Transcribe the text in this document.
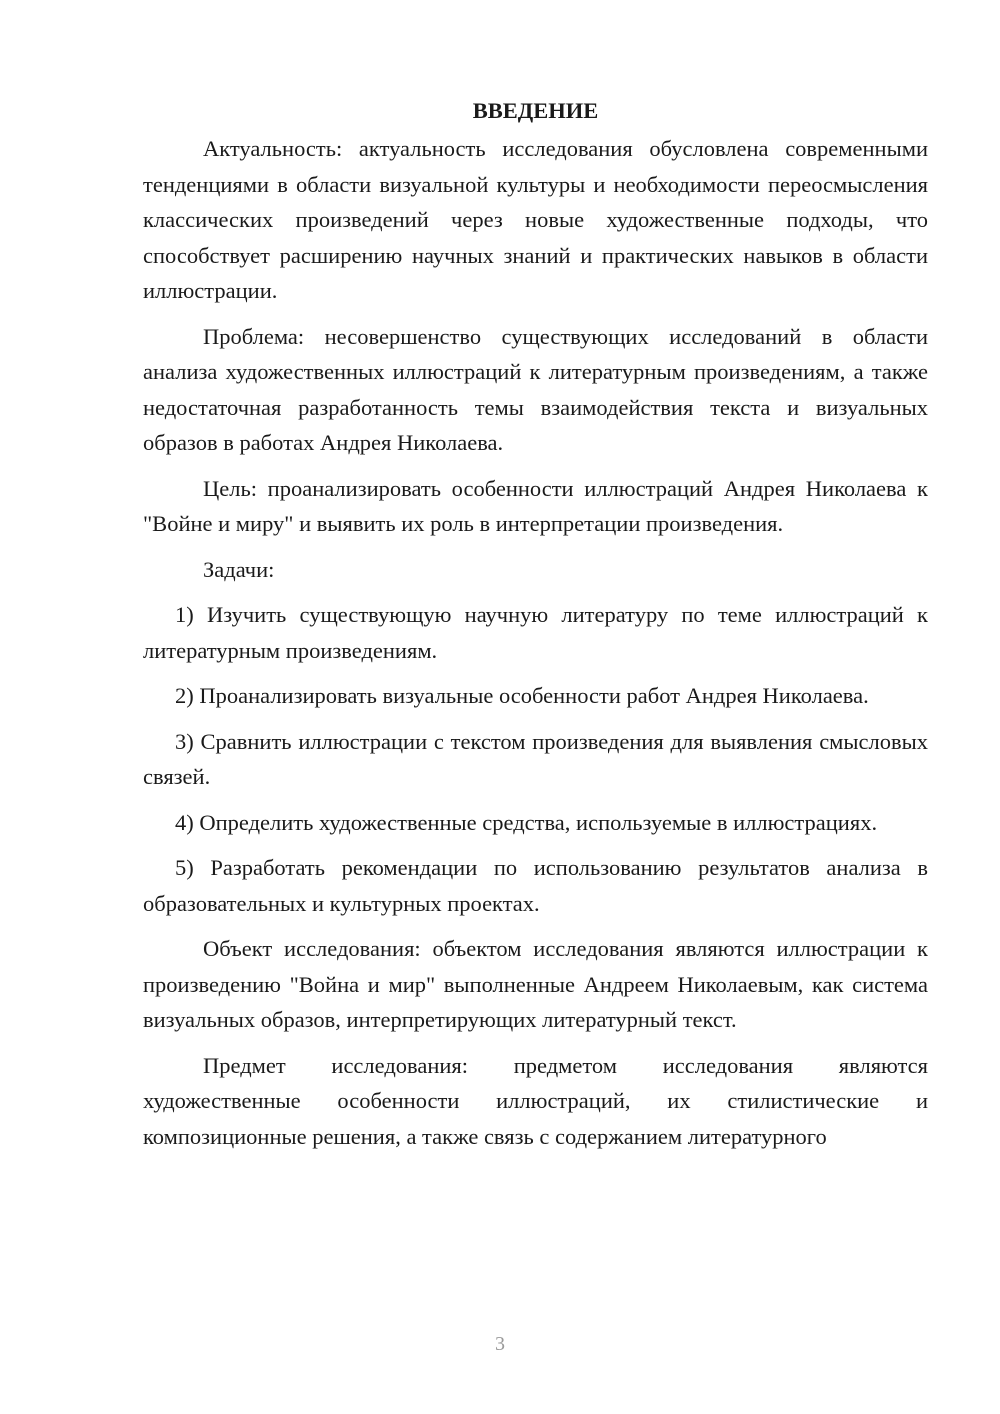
ВВЕДЕНИЕ

Актуальность: актуальность исследования обусловлена современными тенденциями в области визуальной культуры и необходимости переосмысления классических произведений через новые художественные подходы, что способствует расширению научных знаний и практических навыков в области иллюстрации.

Проблема: несовершенство существующих исследований в области анализа художественных иллюстраций к литературным произведениям, а также недостаточная разработанность темы взаимодействия текста и визуальных образов в работах Андрея Николаева.

Цель: проанализировать особенности иллюстраций Андрея Николаева к "Войне и миру" и выявить их роль в интерпретации произведения.

Задачи:

1) Изучить существующую научную литературу по теме иллюстраций к литературным произведениям.

2) Проанализировать визуальные особенности работ Андрея Николаева.

3) Сравнить иллюстрации с текстом произведения для выявления смысловых связей.

4) Определить художественные средства, используемые в иллюстрациях.

5) Разработать рекомендации по использованию результатов анализа в образовательных и культурных проектах.

Объект исследования: объектом исследования являются иллюстрации к произведению "Война и мир" выполненные Андреем Николаевым, как система визуальных образов, интерпретирующих литературный текст.

Предмет исследования: предметом исследования являются художественные особенности иллюстраций, их стилистические и композиционные решения, а также связь с содержанием литературного

3
